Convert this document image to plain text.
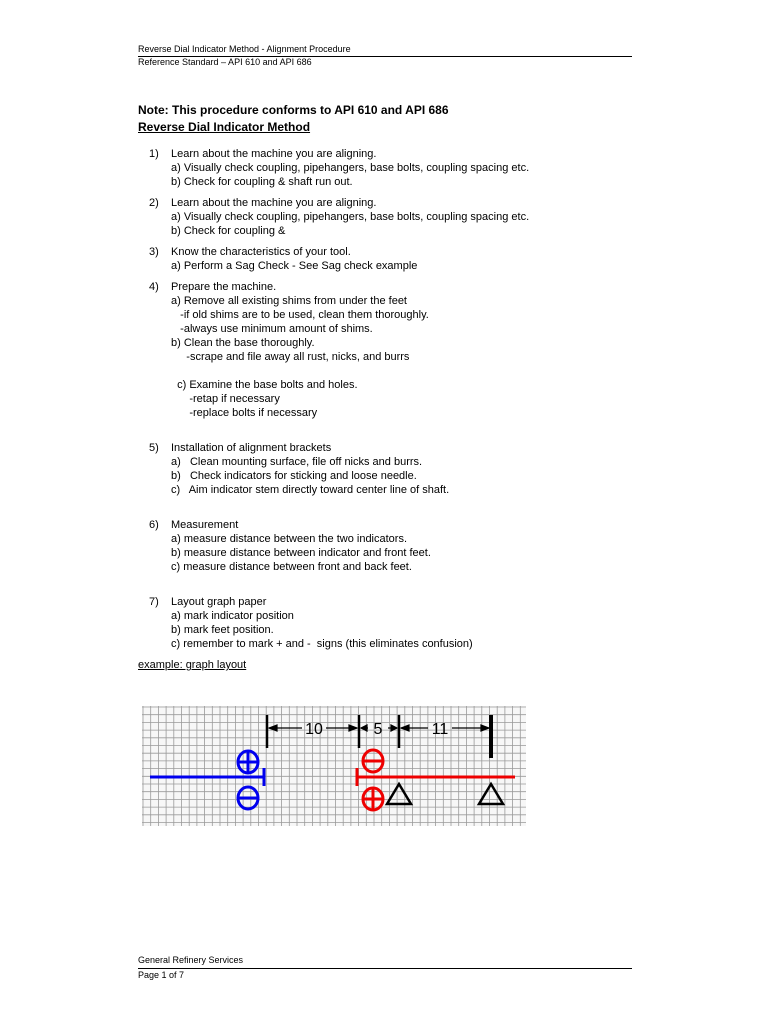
Reverse Dial Indicator Method - Alignment Procedure
Reference Standard – API 610 and API 686
Note: This procedure conforms to API 610 and API 686
Reverse Dial Indicator Method
1) Learn about the machine you are aligning.
a) Visually check coupling, pipehangers, base bolts, coupling spacing etc.
b) Check for coupling & shaft run out.
2) Learn about the machine you are aligning.
a) Visually check coupling, pipehangers, base bolts, coupling spacing etc.
b) Check for coupling &
3) Know the characteristics of your tool.
a) Perform a Sag Check - See Sag check example
4) Prepare the machine.
a) Remove all existing shims from under the feet
-if old shims are to be used, clean them thoroughly.
-always use minimum amount of shims.
b) Clean the base thoroughly.
-scrape and file away all rust, nicks, and burrs
c) Examine the base bolts and holes.
-retap if necessary
-replace bolts if necessary
5) Installation of alignment brackets
a)   Clean mounting surface, file off nicks and burrs.
b)   Check indicators for sticking and loose needle.
c)   Aim indicator stem directly toward center line of shaft.
6) Measurement
a) measure distance between the two indicators.
b) measure distance between indicator and front feet.
c) measure distance between front and back feet.
7) Layout graph paper
a) mark indicator position
b) mark feet position.
c) remember to mark + and -  signs (this eliminates confusion)
example: graph layout
10	5	11
General Refinery Services
Page 1 of 7
